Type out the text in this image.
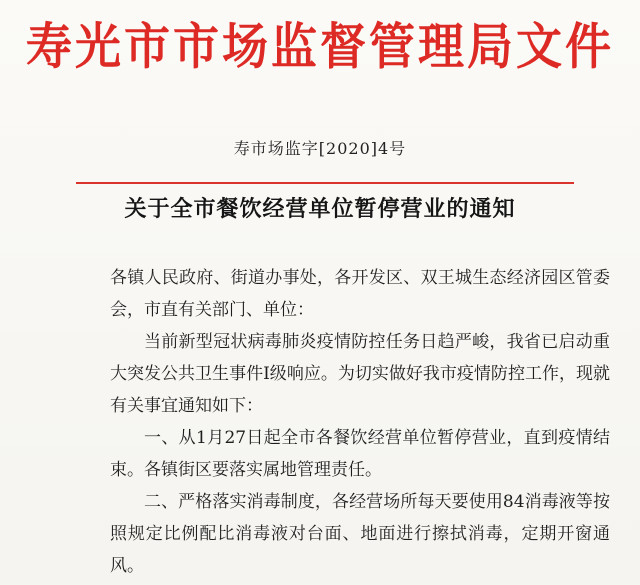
寿光市市场监督管理局文件
寿市场监字[2020]4号
关于全市餐饮经营单位暂停营业的通知

各镇人民政府、街道办事处，各开发区、双王城生态经济园区管委会，市直有关部门、单位：

当前新型冠状病毒肺炎疫情防控任务日趋严峻，我省已启动重大突发公共卫生事件Ⅰ级响应。为切实做好我市疫情防控工作，现就有关事宜通知如下：

一、从1月27日起全市各餐饮经营单位暂停营业，直到疫情结束。各镇街区要落实属地管理责任。

二、严格落实消毒制度，各经营场所每天要使用84消毒液等按照规定比例配比消毒液对台面、地面进行擦拭消毒，定期开窗通风。
